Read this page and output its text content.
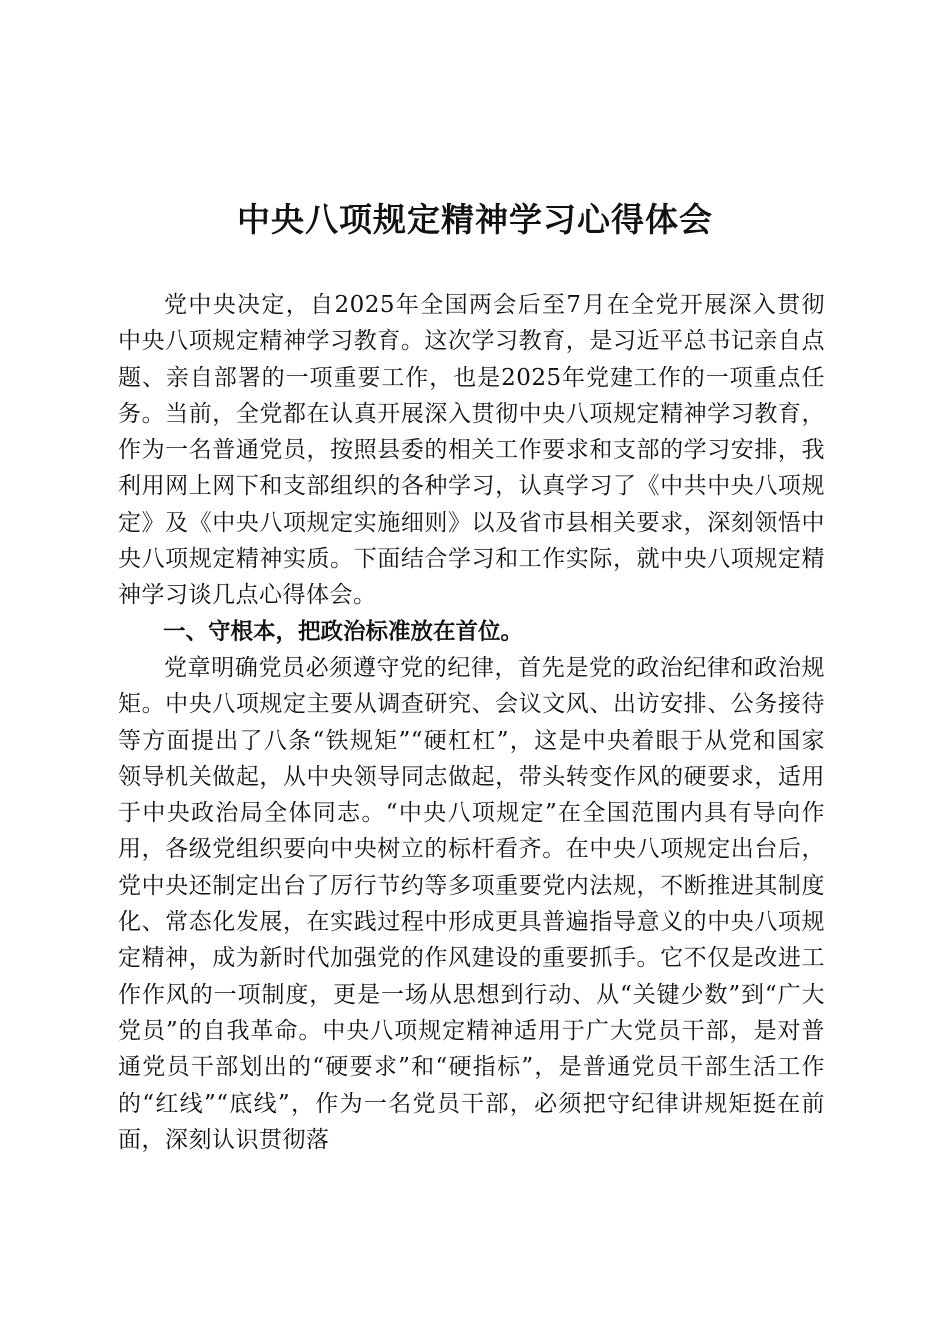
中央八项规定精神学习心得体会

党中央决定，自2025年全国两会后至7月在全党开展深入贯彻中央八项规定精神学习教育。这次学习教育，是习近平总书记亲自点题、亲自部署的一项重要工作，也是2025年党建工作的一项重点任务。当前，全党都在认真开展深入贯彻中央八项规定精神学习教育，作为一名普通党员，按照县委的相关工作要求和支部的学习安排，我利用网上网下和支部组织的各种学习，认真学习了《中共中央八项规定》及《中央八项规定实施细则》以及省市县相关要求，深刻领悟中央八项规定精神实质。下面结合学习和工作实际，就中央八项规定精神学习谈几点心得体会。

一、守根本，把政治标准放在首位。

党章明确党员必须遵守党的纪律，首先是党的政治纪律和政治规矩。中央八项规定主要从调查研究、会议文风、出访安排、公务接待等方面提出了八条“铁规矩”“硬杠杠”，这是中央着眼于从党和国家领导机关做起，从中央领导同志做起，带头转变作风的硬要求，适用于中央政治局全体同志。“中央八项规定”在全国范围内具有导向作用，各级党组织要向中央树立的标杆看齐。在中央八项规定出台后，党中央还制定出台了厉行节约等多项重要党内法规，不断推进其制度化、常态化发展，在实践过程中形成更具普遍指导意义的中央八项规定精神，成为新时代加强党的作风建设的重要抓手。它不仅是改进工作作风的一项制度，更是一场从思想到行动、从“关键少数”到“广大党员”的自我革命。中央八项规定精神适用于广大党员干部，是对普通党员干部划出的“硬要求”和“硬指标”，是普通党员干部生活工作的“红线”“底线”，作为一名党员干部，必须把守纪律讲规矩挺在前面，深刻认识贯彻落
